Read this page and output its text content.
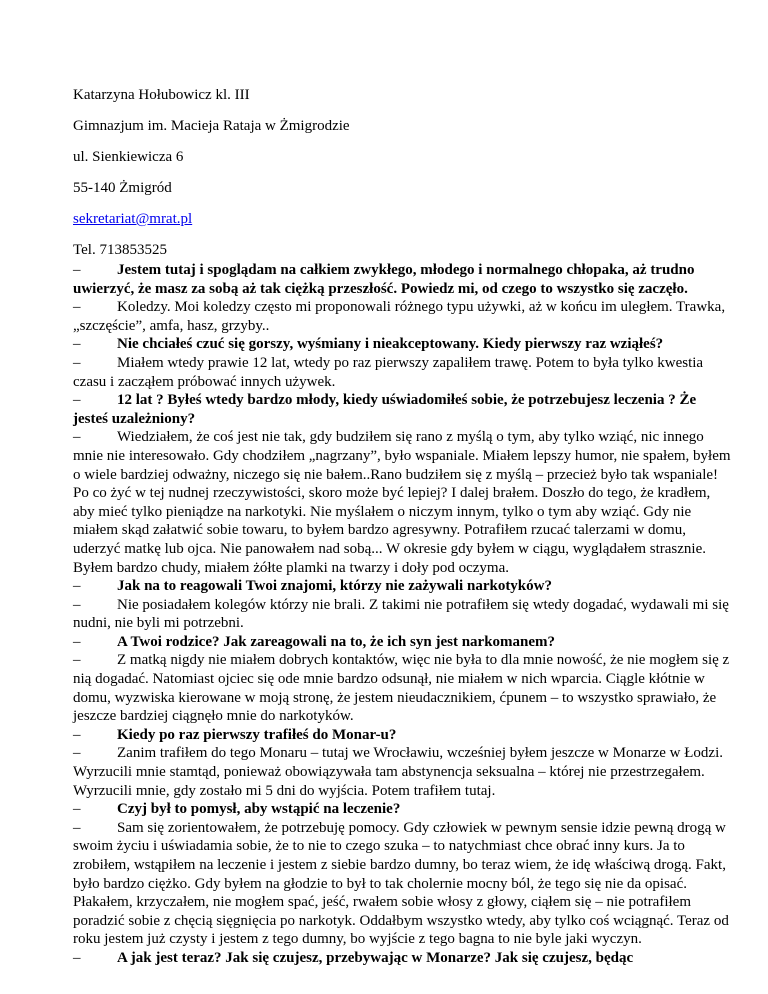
Katarzyna Hołubowicz kl. III
Gimnazjum im. Macieja Rataja w Żmigrodzie
ul. Sienkiewicza 6
55-140 Żmigród
sekretariat@mrat.pl
Tel. 713853525

– Jestem tutaj i spoglądam na całkiem zwykłego, młodego i normalnego chłopaka, aż trudno uwierzyć, że masz za sobą aż tak ciężką przeszłość. Powiedz mi, od czego to wszystko się zaczęło.

– Koledzy. Moi koledzy często mi proponowali różnego typu używki, aż w końcu im uległem. Trawka, „szczęście”, amfa, hasz, grzyby..

– Nie chciałeś czuć się gorszy, wyśmiany i nieakceptowany. Kiedy pierwszy raz wziąłeś?

– Miałem wtedy prawie 12 lat, wtedy po raz pierwszy zapaliłem trawę. Potem to była tylko kwestia czasu i zacząłem próbować innych używek.

– 12 lat ? Byłeś wtedy bardzo młody, kiedy uświadomiłeś sobie, że potrzebujesz leczenia ? Że jesteś uzależniony?

– Wiedziałem, że coś jest nie tak, gdy budziłem się rano z myślą o tym, aby tylko wziąć, nic innego mnie nie interesowało. Gdy chodziłem „nagrzany”, było wspaniale. Miałem lepszy humor, nie spałem, byłem o wiele bardziej odważny, niczego się nie bałem..Rano budziłem się z myślą – przecież było tak wspaniale! Po co żyć w tej nudnej rzeczywistości, skoro może być lepiej? I dalej brałem. Doszło do tego, że kradłem, aby mieć tylko pieniądze na narkotyki. Nie myślałem o niczym innym, tylko o tym aby wziąć. Gdy nie miałem skąd załatwić sobie towaru, to byłem bardzo agresywny. Potrafiłem rzucać talerzami w domu, uderzyć matkę lub ojca. Nie panowałem nad sobą... W okresie gdy byłem w ciągu, wyglądałem strasznie. Byłem bardzo chudy, miałem żółte plamki na twarzy i doły pod oczyma.

– Jak na to reagowali Twoi znajomi, którzy nie zażywali narkotyków?

– Nie posiadałem kolegów którzy nie brali. Z takimi nie potrafiłem się wtedy dogadać, wydawali mi się nudni, nie byli mi potrzebni.

– A Twoi rodzice? Jak zareagowali na to, że ich syn jest narkomanem?

– Z matką nigdy nie miałem dobrych kontaktów, więc nie była to dla mnie nowość, że nie mogłem się z nią dogadać. Natomiast ojciec się ode mnie bardzo odsunął, nie miałem w nich wparcia. Ciągle kłótnie w domu, wyzwiska kierowane w moją stronę, że jestem nieudacznikiem, ćpunem – to wszystko sprawiało, że jeszcze bardziej ciągnęło mnie do narkotyków.

– Kiedy po raz pierwszy trafiłeś do Monar-u?

– Zanim trafiłem do tego Monaru – tutaj we Wrocławiu, wcześniej byłem jeszcze w Monarze w Łodzi. Wyrzucili mnie stamtąd, ponieważ obowiązywała tam abstynencja seksualna – której nie przestrzegałem. Wyrzucili mnie, gdy zostało mi 5 dni do wyjścia. Potem trafiłem tutaj.

– Czyj był to pomysł, aby wstąpić na leczenie?

– Sam się zorientowałem, że potrzebuję pomocy. Gdy człowiek w pewnym sensie idzie pewną drogą w swoim życiu i uświadamia sobie, że to nie to czego szuka – to natychmiast chce obrać inny kurs. Ja to zrobiłem, wstąpiłem na leczenie i jestem z siebie bardzo dumny, bo teraz wiem, że idę właściwą drogą. Fakt, było bardzo ciężko. Gdy byłem na głodzie to był to tak cholernie mocny ból, że tego się nie da opisać. Płakałem, krzyczałem, nie mogłem spać, jeść, rwałem sobie włosy z głowy, ciąłem się – nie potrafiłem poradzić sobie z chęcią sięgnięcia po narkotyk. Oddałbym wszystko wtedy, aby tylko coś wciągnąć. Teraz od roku jestem już czysty i jestem z tego dumny, bo wyjście z tego bagna to nie byle jaki wyczyn.

– A jak jest teraz? Jak się czujesz, przebywając w Monarze? Jak się czujesz, będąc
